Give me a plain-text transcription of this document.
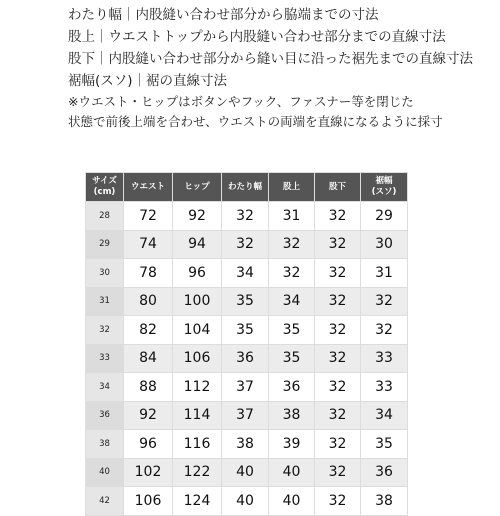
わたり幅｜内股縫い合わせ部分から脇端までの寸法
股上｜ウエストトップから内股縫い合わせ部分までの直線寸法
股下｜内股縫い合わせ部分から縫い目に沿った裾先までの直線寸法
裾幅(スソ)｜裾の直線寸法
※ウエスト・ヒップはボタンやフック、ファスナー等を閉じた
状態で前後上端を合わせ、ウエストの両端を直線になるように採寸
サイズ
(cm)	ウエスト	ヒップ	わたり幅	股上	股下	裾幅
(スソ)
28	72	92	32	31	32	29
29	74	94	32	32	32	30
30	78	96	34	32	32	31
31	80	100	35	34	32	32
32	82	104	35	35	32	32
33	84	106	36	35	32	33
34	88	112	37	36	32	33
36	92	114	37	38	32	34
38	96	116	38	39	32	35
40	102	122	40	40	32	36
42	106	124	40	40	32	38
